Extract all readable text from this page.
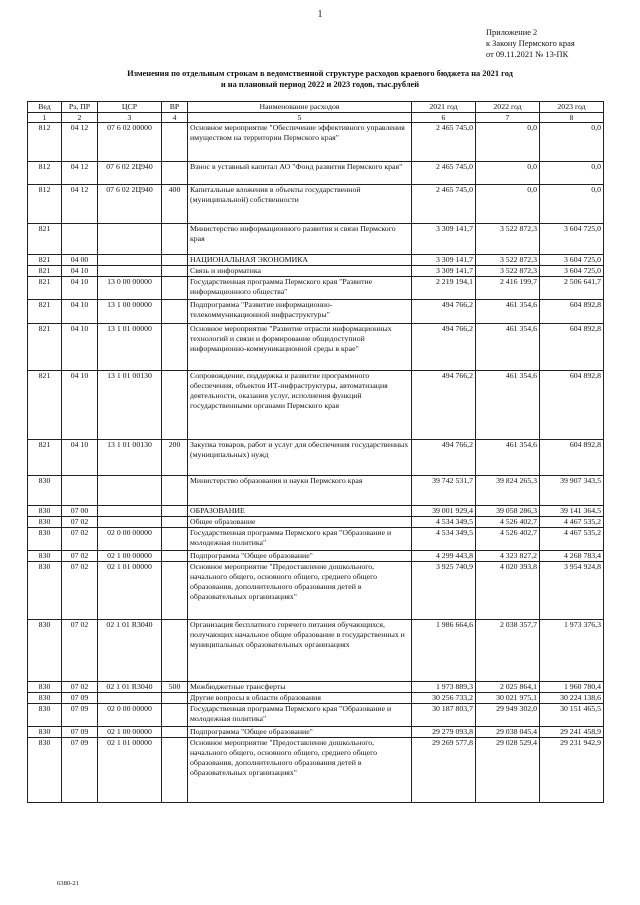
1
Приложение 2
к Закону Пермского края
от 09.11.2021 № 13-ПК
Изменения по отдельным строкам в ведомственной структуре расходов краевого бюджета на 2021 год
и на плановый период 2022 и 2023 годов, тыс.рублей
Вед	Рз, ПР	ЦСР	ВР	Наименование расходов	2021 год	2022 год	2023 год
1	2	3	4	5	6	7	8
812	04 12	07 6 02 00000		Основное мероприятие "Обеспечение эффективного управления имуществом на территории Пермского края"	2 465 745,0	0,0	0,0
812	04 12	07 6 02 2Ц940		Взнос в уставный капитал АО "Фонд развития Пермского края"	2 465 745,0	0,0	0,0
812	04 12	07 6 02 2Ц940	400	Капитальные вложения в объекты государственной (муниципальной) собственности	2 465 745,0	0,0	0,0
821				Министерство информационного развития и связи Пермского края	3 309 141,7	3 522 872,3	3 604 725,0
821	04 00			НАЦИОНАЛЬНАЯ ЭКОНОМИКА	3 309 141,7	3 522 872,3	3 604 725,0
821	04 10			Связь и информатика	3 309 141,7	3 522 872,3	3 604 725,0
821	04 10	13 0 00 00000		Государственная программа Пермского края "Развитие информационного общества"	2 219 194,1	2 416 199,7	2 506 641,7
821	04 10	13 1 00 00000		Подпрограмма "Развитие информационно-телекоммуникационной инфраструктуры"	494 766,2	461 354,6	604 892,8
821	04 10	13 1 01 00000		Основное мероприятие "Развитие отрасли информационных технологий и связи и формирование общедоступной информационно-коммуникационной среды в крае"	494 766,2	461 354,6	604 892,8
821	04 10	13 1 01 00130		Сопровождение, поддержка и развитие программного обеспечения, объектов ИТ-инфраструктуры, автоматизация деятельности, оказания услуг, исполнения функций государственными органами Пермского края	494 766,2	461 354,6	604 892,8
821	04 10	13 1 01 00130	200	Закупка товаров, работ и услуг для обеспечения государственных (муниципальных) нужд	494 766,2	461 354,6	604 892,8
830				Министерство образования и науки Пермского края	39 742 531,7	39 824 265,3	39 907 343,5
830	07 00			ОБРАЗОВАНИЕ	39 001 929,4	39 058 286,3	39 141 364,5
830	07 02			Общее образование	4 534 349,5	4 526 402,7	4 467 535,2
830	07 02	02 0 00 00000		Государственная программа Пермского края "Образование и молодежная политика"	4 534 349,5	4 526 402,7	4 467 535,2
830	07 02	02 1 00 00000		Подпрограмма "Общее образование"	4 299 443,8	4 323 827,2	4 268 783,4
830	07 02	02 1 01 00000		Основное мероприятие "Предоставление дошкольного, начального общего, основного общего, среднего общего образования, дополнительного образования детей в образовательных организациях"	3 925 740,9	4 020 393,8	3 954 924,8
830	07 02	02 1 01 R3040		Организация бесплатного горячего питания обучающихся, получающих начальное общее образование в государственных и муниципальных образовательных организациях	1 986 664,6	2 038 357,7	1 973 376,3
830	07 02	02 1 01 R3040	500	Межбюджетные трансферты	1 973 889,3	2 025 864,1	1 960 780,4
830	07 09			Другие вопросы в области образования	30 256 733,2	30 021 975,1	30 224 138,6
830	07 09	02 0 00 00000		Государственная программа Пермского края "Образование и молодежная политика"	30 187 803,7	29 949 302,0	30 151 465,5
830	07 09	02 1 00 00000		Подпрограмма "Общее образование"	29 279 093,8	29 038 045,4	29 241 458,9
830	07 09	02 1 01 00000		Основное мероприятие "Предоставление дошкольного, начального общего, основного общего, среднего общего образования, дополнительного образования детей в образовательных организациях"	29 269 577,8	29 028 529,4	29 231 942,9
6380-21
